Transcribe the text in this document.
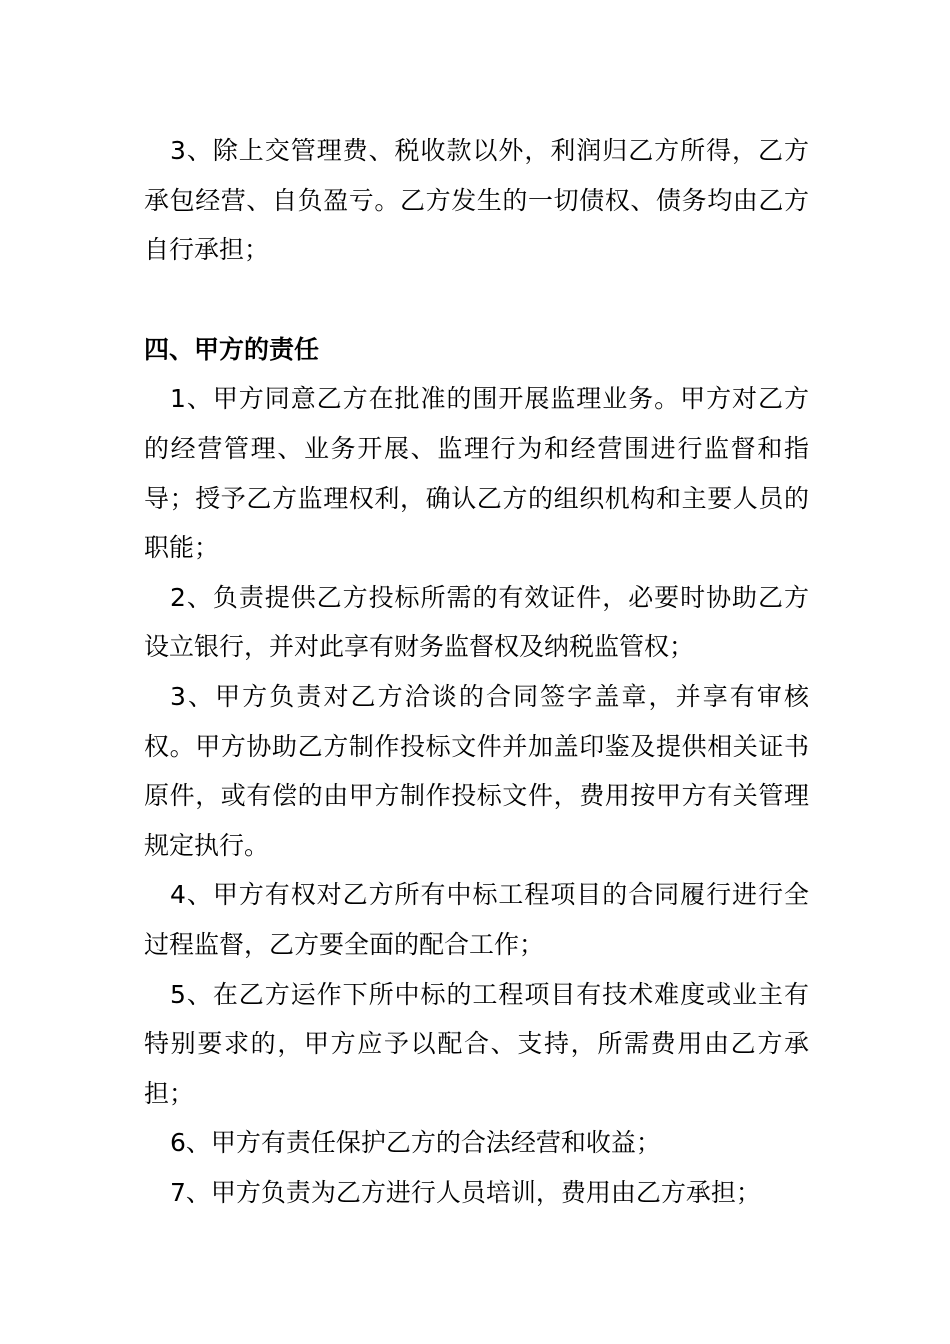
3、除上交管理费、税收款以外，利润归乙方所得，乙方承包经营、自负盈亏。乙方发生的一切债权、债务均由乙方自行承担；

四、甲方的责任

1、甲方同意乙方在批准的围开展监理业务。甲方对乙方的经营管理、业务开展、监理行为和经营围进行监督和指导；授予乙方监理权利，确认乙方的组织机构和主要人员的职能；

2、负责提供乙方投标所需的有效证件，必要时协助乙方设立银行，并对此享有财务监督权及纳税监管权；

3、甲方负责对乙方洽谈的合同签字盖章，并享有审核权。甲方协助乙方制作投标文件并加盖印鉴及提供相关证书原件，或有偿的由甲方制作投标文件，费用按甲方有关管理规定执行。

4、甲方有权对乙方所有中标工程项目的合同履行进行全过程监督，乙方要全面的配合工作；

5、在乙方运作下所中标的工程项目有技术难度或业主有特别要求的，甲方应予以配合、支持，所需费用由乙方承担；

6、甲方有责任保护乙方的合法经营和收益；

7、甲方负责为乙方进行人员培训，费用由乙方承担；
